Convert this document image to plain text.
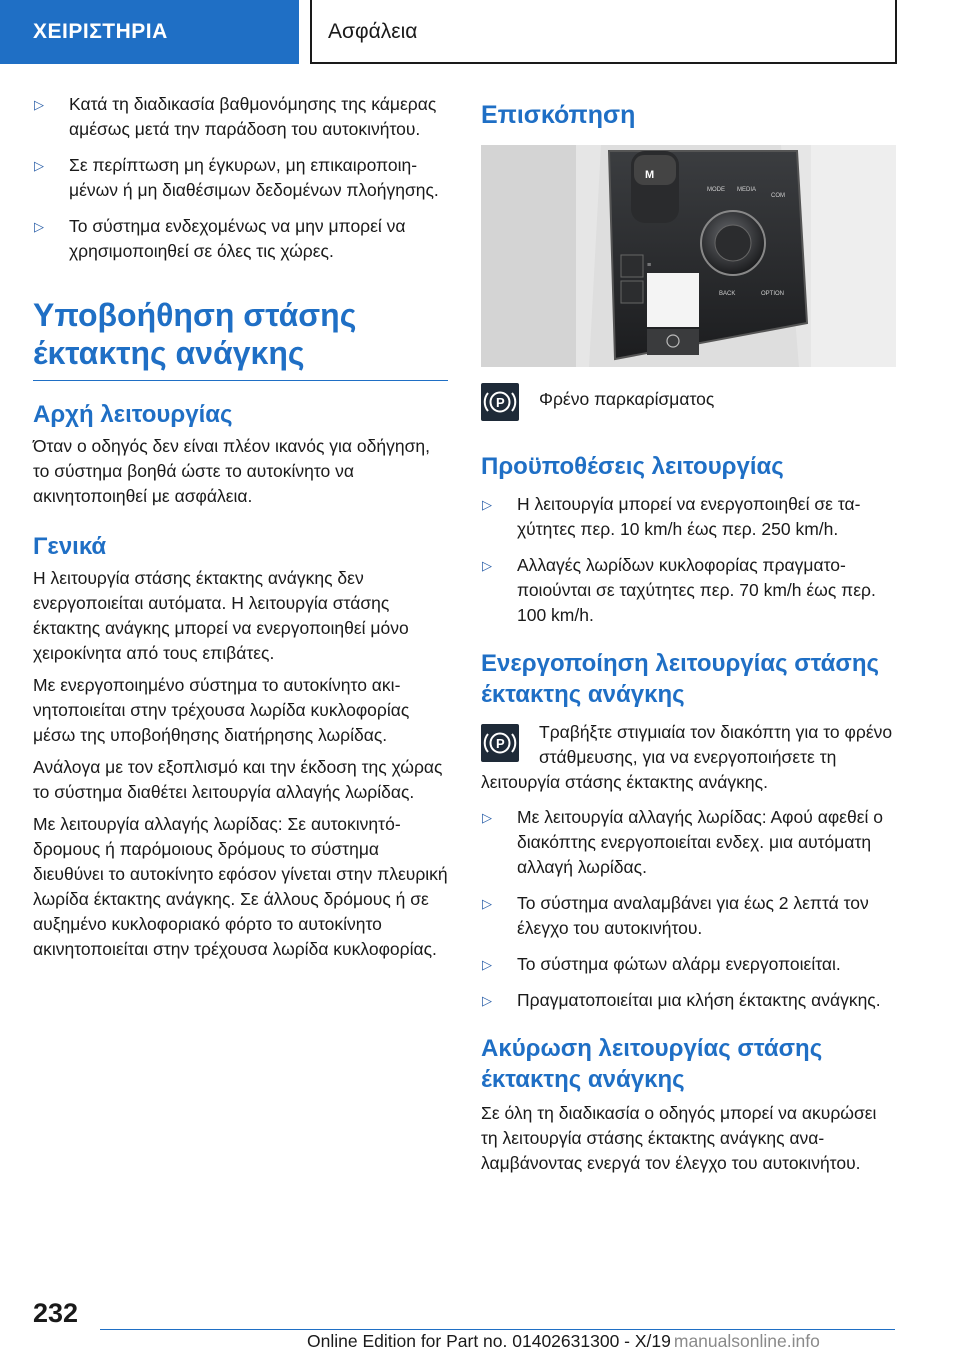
ΧΕΙΡΙΣΤΗΡΙΑ	Ασφάλεια
▷ Κατά τη διαδικασία βαθμονόμησης της κάμερας αμέσως μετά την παράδοση του αυτοκινήτου.
▷ Σε περίπτωση μη έγκυρων, μη επικαιροποιημένων ή μη διαθέσιμων δεδομένων πλοήγησης.
▷ Το σύστημα ενδεχομένως να μην μπορεί να χρησιμοποιηθεί σε όλες τις χώρες.
Υποβοήθηση στάσης έκτακτης ανάγκης
Αρχή λειτουργίας

Όταν ο οδηγός δεν είναι πλέον ικανός για οδήγηση, το σύστημα βοηθά ώστε το αυτοκίνητο να ακινητοποιηθεί με ασφάλεια.

Γενικά

Η λειτουργία στάσης έκτακτης ανάγκης δεν ενεργοποιείται αυτόματα. Η λειτουργία στάσης έκτακτης ανάγκης μπορεί να ενεργοποιηθεί μόνο χειροκίνητα από τους επιβάτες.

Με ενεργοποιημένο σύστημα το αυτοκίνητο ακινητοποιείται στην τρέχουσα λωρίδα κυκλοφορίας μέσω της υποβοήθησης διατήρησης λωρίδας.

Ανάλογα με τον εξοπλισμό και την έκδοση της χώρας το σύστημα διαθέτει λειτουργία αλλαγής λωρίδας.

Με λειτουργία αλλαγής λωρίδας: Σε αυτοκινητόδρομους ή παρόμοιους δρόμους το σύστημα διευθύνει το αυτοκίνητο εφόσον γίνεται στην πλευρική λωρίδα έκτακτης ανάγκης. Σε άλλους δρόμους ή σε αυξημένο κυκλοφοριακό φόρτο το αυτοκίνητο ακινητοποιείται στην τρέχουσα λωρίδα κυκλοφορίας.

Επισκόπηση
M
MODE MEDIA
COM
BACK	OPTION
≡
P Φρένο παρκαρίσματος
Προϋποθέσεις λειτουργίας
▷ Η λειτουργία μπορεί να ενεργοποιηθεί σε ταχύτητες περ. 10 km/h έως περ. 250 km/h.
▷ Αλλαγές λωρίδων κυκλοφορίας πραγματοποιούνται σε ταχύτητες περ. 70 km/h έως περ. 100 km/h.
Ενεργοποίηση λειτουργίας στάσης έκτακτης ανάγκης
P
Τραβήξτε στιγμιαία τον διακόπτη για το φρένο στάθμευσης, για να ενεργοποιήσετε τη λειτουργία στάσης έκτακτης ανάγκης.
▷ Με λειτουργία αλλαγής λωρίδας: Αφού αφεθεί ο διακόπτης ενεργοποιείται ενδεχ. μια αυτόματη αλλαγή λωρίδας.
▷ Το σύστημα αναλαμβάνει για έως 2 λεπτά τον έλεγχο του αυτοκινήτου.
▷ Το σύστημα φώτων αλάρμ ενεργοποιείται.
▷ Πραγματοποιείται μια κλήση έκτακτης ανάγκης.
Ακύρωση λειτουργίας στάσης έκτακτης ανάγκης

Σε όλη τη διαδικασία ο οδηγός μπορεί να ακυρώσει τη λειτουργία στάσης έκτακτης ανάγκης αναλαμβάνοντας ενεργά τον έλεγχο του αυτοκινήτου.

232
Online Edition for Part no. 01402631300 - X/19 manualsonline.info
